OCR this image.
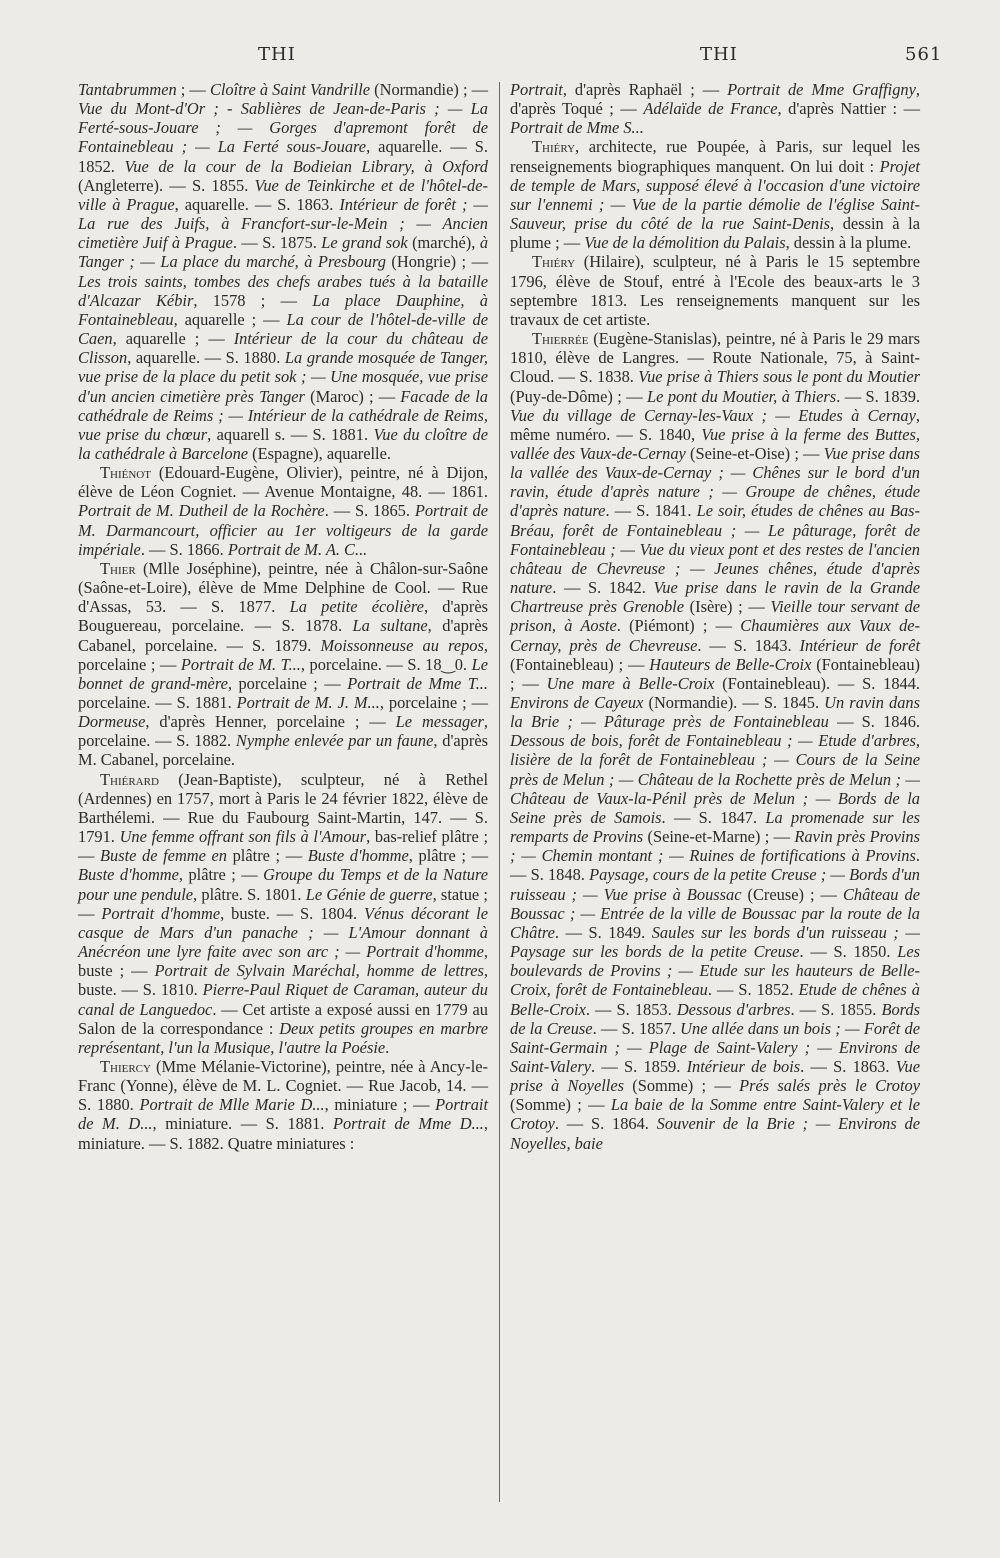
THI	THI	561

Tantabrummen ; — Cloître à Saint Vandrille (Normandie) ; — Vue du Mont-d'Or ; - Sablières de Jean-de-Paris ; — La Ferté-sous-Jouare ; — Gorges d'apremont forêt de Fontainebleau ; — La Ferté sous-Jouare, aquarelle. — S. 1852. Vue de la cour de la Bodieian Library, à Oxford (Angleterre). — S. 1855. Vue de Teinkirche et de l'hôtel-de-ville à Prague, aquarelle. — S. 1863. Intérieur de forêt ; — La rue des Juifs, à Francfort-sur-le-Mein ; — Ancien cimetière Juif à Prague. — S. 1875. Le grand sok (marché), à Tanger ; — La place du marché, à Presbourg (Hongrie) ; — Les trois saints, tombes des chefs arabes tués à la bataille d'Alcazar Kébir, 1578 ; — La place Dauphine, à Fontainebleau, aquarelle ; — La cour de l'hôtel-de-ville de Caen, aquarelle ; — Intérieur de la cour du château de Clisson, aquarelle. — S. 1880. La grande mosquée de Tanger, vue prise de la place du petit sok ; — Une mosquée, vue prise d'un ancien cimetière près Tanger (Maroc) ; — Facade de la cathédrale de Reims ; — Intérieur de la cathédrale de Reims, vue prise du chœur, aquarell s. — S. 1881. Vue du cloître de la cathédrale à Barcelone (Espagne), aquarelle.

Thiénot (Edouard-Eugène, Olivier), peintre, né à Dijon, élève de Léon Cogniet. — Avenue Montaigne, 48. — 1861. Portrait de M. Dutheil de la Rochère. — S. 1865. Portrait de M. Darmancourt, officier au 1er voltigeurs de la garde impériale. — S. 1866. Portrait de M. A. C...

Thier (Mlle Joséphine), peintre, née à Châlon-sur-Saône (Saône-et-Loire), élève de Mme Delphine de Cool. — Rue d'Assas, 53. — S. 1877. La petite écolière, d'après Bouguereau, porcelaine. — S. 1878. La sultane, d'après Cabanel, porcelaine. — S. 1879. Moissonneuse au repos, porcelaine ; — Portrait de M. T..., porcelaine. — S. 18‿0. Le bonnet de grand-mère, porcelaine ; — Portrait de Mme T... porcelaine. — S. 1881. Portrait de M. J. M..., porcelaine ; — Dormeuse, d'après Henner, porcelaine ; — Le messager, porcelaine. — S. 1882. Nymphe enlevée par un faune, d'après M. Cabanel, porcelaine.

Thiérard (Jean-Baptiste), sculpteur, né à Rethel (Ardennes) en 1757, mort à Paris le 24 février 1822, élève de Barthélemi. — Rue du Faubourg Saint-Martin, 147. — S. 1791. Une femme offrant son fils à l'Amour, bas-relief plâtre ; — Buste de femme en plâtre ; — Buste d'homme, plâtre ; — Buste d'homme, plâtre ; — Groupe du Temps et de la Nature pour une pendule, plâtre. S. 1801. Le Génie de guerre, statue ; — Portrait d'homme, buste. — S. 1804. Vénus décorant le casque de Mars d'un panache ; — L'Amour donnant à Anécréon une lyre faite avec son arc ; — Portrait d'homme, buste ; — Portrait de Sylvain Maréchal, homme de lettres, buste. — S. 1810. Pierre-Paul Riquet de Caraman, auteur du canal de Languedoc. — Cet artiste a exposé aussi en 1779 au Salon de la correspondance : Deux petits groupes en marbre représentant, l'un la Musique, l'autre la Poésie.

Thiercy (Mme Mélanie-Victorine), peintre, née à Ancy-le-Franc (Yonne), élève de M. L. Cogniet. — Rue Jacob, 14. — S. 1880. Portrait de Mlle Marie D..., miniature ; — Portrait de M. D..., miniature. — S. 1881. Portrait de Mme D..., miniature. — S. 1882. Quatre miniatures :

Portrait, d'après Raphaël ; — Portrait de Mme Graffigny, d'après Toqué ; — Adélaïde de France, d'après Nattier : — Portrait de Mme S...

Thiéry, architecte, rue Poupée, à Paris, sur lequel les renseignements biographiques manquent. On lui doit : Projet de temple de Mars, supposé élevé à l'occasion d'une victoire sur l'ennemi ; — Vue de la partie démolie de l'église Saint-Sauveur, prise du côté de la rue Saint-Denis, dessin à la plume ; — Vue de la démolition du Palais, dessin à la plume.

Thiéry (Hilaire), sculpteur, né à Paris le 15 septembre 1796, élève de Stouf, entré à l'Ecole des beaux-arts le 3 septembre 1813. Les renseignements manquent sur les travaux de cet artiste.

Thierrée (Eugène-Stanislas), peintre, né à Paris le 29 mars 1810, élève de Langres. — Route Nationale, 75, à Saint-Cloud. — S. 1838. Vue prise à Thiers sous le pont du Moutier (Puy-de-Dôme) ; — Le pont du Moutier, à Thiers. — S. 1839. Vue du village de Cernay-les-Vaux ; — Etudes à Cernay, même numéro. — S. 1840, Vue prise à la ferme des Buttes, vallée des Vaux-de-Cernay (Seine-et-Oise) ; — Vue prise dans la vallée des Vaux-de-Cernay ; — Chênes sur le bord d'un ravin, étude d'après nature ; — Groupe de chênes, étude d'après nature. — S. 1841. Le soir, études de chênes au Bas-Bréau, forêt de Fontainebleau ; — Le pâturage, forêt de Fontainebleau ; — Vue du vieux pont et des restes de l'ancien château de Chevreuse ; — Jeunes chênes, étude d'après nature. — S. 1842. Vue prise dans le ravin de la Grande Chartreuse près Grenoble (Isère) ; — Vieille tour servant de prison, à Aoste. (Piémont) ; — Chaumières aux Vaux de-Cernay, près de Chevreuse. — S. 1843. Intérieur de forêt (Fontainebleau) ; — Hauteurs de Belle-Croix (Fontainebleau) ; — Une mare à Belle-Croix (Fontainebleau). — S. 1844. Environs de Cayeux (Normandie). — S. 1845. Un ravin dans la Brie ; — Pâturage près de Fontainebleau — S. 1846. Dessous de bois, forêt de Fontainebleau ; — Etude d'arbres, lisière de la forêt de Fontainebleau ; — Cours de la Seine près de Melun ; — Château de la Rochette près de Melun ; — Château de Vaux-la-Pénil près de Melun ; — Bords de la Seine près de Samois. — S. 1847. La promenade sur les remparts de Provins (Seine-et-Marne) ; — Ravin près Provins ; — Chemin montant ; — Ruines de fortifications à Provins. — S. 1848. Paysage, cours de la petite Creuse ; — Bords d'un ruisseau ; — Vue prise à Boussac (Creuse) ; — Château de Boussac ; — Entrée de la ville de Boussac par la route de la Châtre. — S. 1849. Saules sur les bords d'un ruisseau ; — Paysage sur les bords de la petite Creuse. — S. 1850. Les boulevards de Provins ; — Etude sur les hauteurs de Belle-Croix, forêt de Fontainebleau. — S. 1852. Etude de chênes à Belle-Croix. — S. 1853. Dessous d'arbres. — S. 1855. Bords de la Creuse. — S. 1857. Une allée dans un bois ; — Forêt de Saint-Germain ; — Plage de Saint-Valery ; — Environs de Saint-Valery. — S. 1859. Intérieur de bois. — S. 1863. Vue prise à Noyelles (Somme) ; — Prés salés près le Crotoy (Somme) ; — La baie de la Somme entre Saint-Valery et le Crotoy. — S. 1864. Souvenir de la Brie ; — Environs de Noyelles, baie
